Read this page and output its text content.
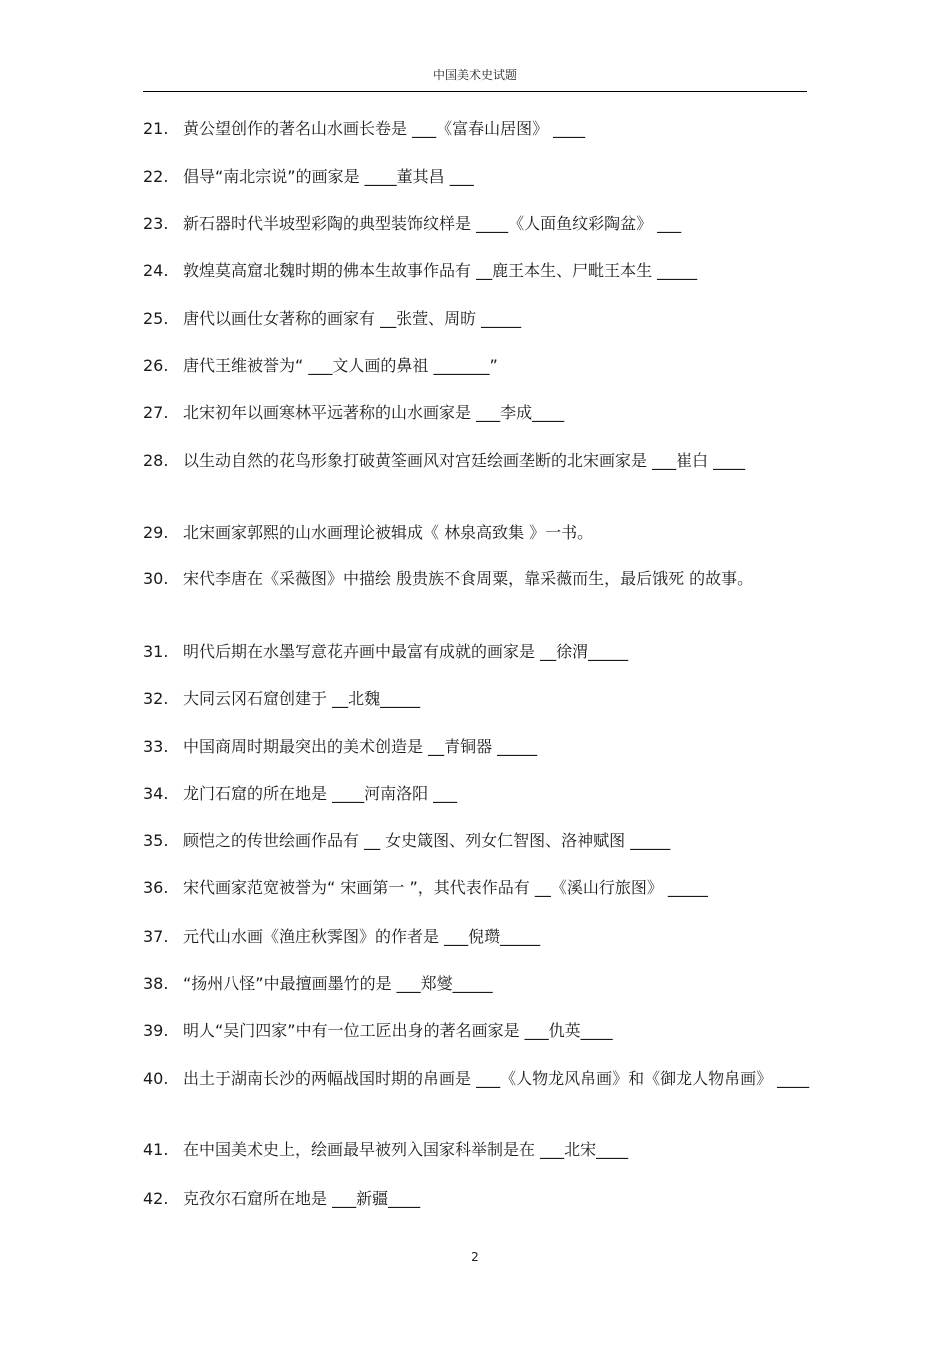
中国美术史试题
21. 黄公望创作的著名山水画长卷是 ___《富春山居图》 ____
22. 倡导“南北宗说”的画家是 ____董其昌 ___
23. 新石器时代半坡型彩陶的典型装饰纹样是 ____《人面鱼纹彩陶盆》 ___
24. 敦煌莫高窟北魏时期的佛本生故事作品有 __鹿王本生、尸毗王本生 _____
25. 唐代以画仕女著称的画家有 __张萱、周昉 _____
26. 唐代王维被誉为“ ___文人画的鼻祖 _______”
27. 北宋初年以画寒林平远著称的山水画家是 ___李成____
28. 以生动自然的花鸟形象打破黄筌画风对宫廷绘画垄断的北宋画家是 ___崔白 ____
29. 北宋画家郭熙的山水画理论被辑成《 林泉高致集 》一书。
30. 宋代李唐在《采薇图》中描绘 殷贵族不食周粟，靠采薇而生，最后饿死 的故事。
31. 明代后期在水墨写意花卉画中最富有成就的画家是 __徐渭_____
32. 大同云冈石窟创建于 __北魏_____
33. 中国商周时期最突出的美术创造是 __青铜器 _____
34. 龙门石窟的所在地是 ____河南洛阳 ___
35. 顾恺之的传世绘画作品有 __ 女史箴图、列女仁智图、洛神赋图 _____
36. 宋代画家范宽被誉为“ 宋画第一 ”，其代表作品有 __《溪山行旅图》 _____
37. 元代山水画《渔庄秋霁图》的作者是 ___倪瓒_____
38. “扬州八怪”中最擅画墨竹的是 ___郑燮_____
39. 明人“吴门四家”中有一位工匠出身的著名画家是 ___仇英____
40. 出土于湖南长沙的两幅战国时期的帛画是 ___《人物龙风帛画》和《御龙人物帛画》 ____
41. 在中国美术史上，绘画最早被列入国家科举制是在 ___北宋____
42. 克孜尔石窟所在地是 ___新疆____
2
